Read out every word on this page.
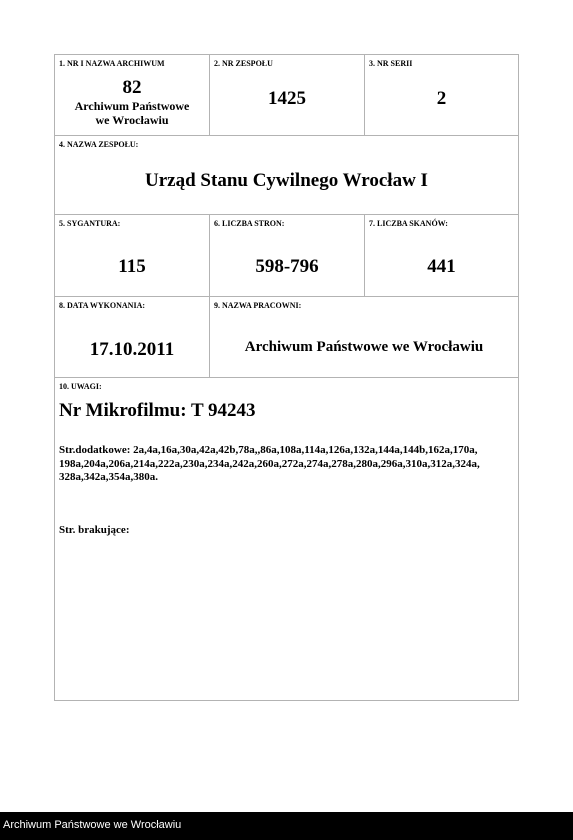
1. NR I NAZWA ARCHIWUM
82
Archiwum Państwowe
we Wrocławiu
2. NR ZESPOŁU
1425
3. NR SERII
2
4. NAZWA ZESPOŁU:
Urząd Stanu Cywilnego Wrocław I
5. SYGANTURA:
115
6. LICZBA STRON:
598-796
7. LICZBA SKANÓW:
441
8. DATA WYKONANIA:
17.10.2011
9. NAZWA PRACOWNI:
Archiwum Państwowe we Wrocławiu
10. UWAGI:
Nr Mikrofilmu: T 94243
Str.dodatkowe: 2a,4a,16a,30a,42a,42b,78a,,86a,108a,114a,126a,132a,144a,144b,162a,170a, 198a,204a,206a,214a,222a,230a,234a,242a,260a,272a,274a,278a,280a,296a,310a,312a,324a, 328a,342a,354a,380a.
Str. brakujące:
Archiwum Państwowe we Wrocławiu
